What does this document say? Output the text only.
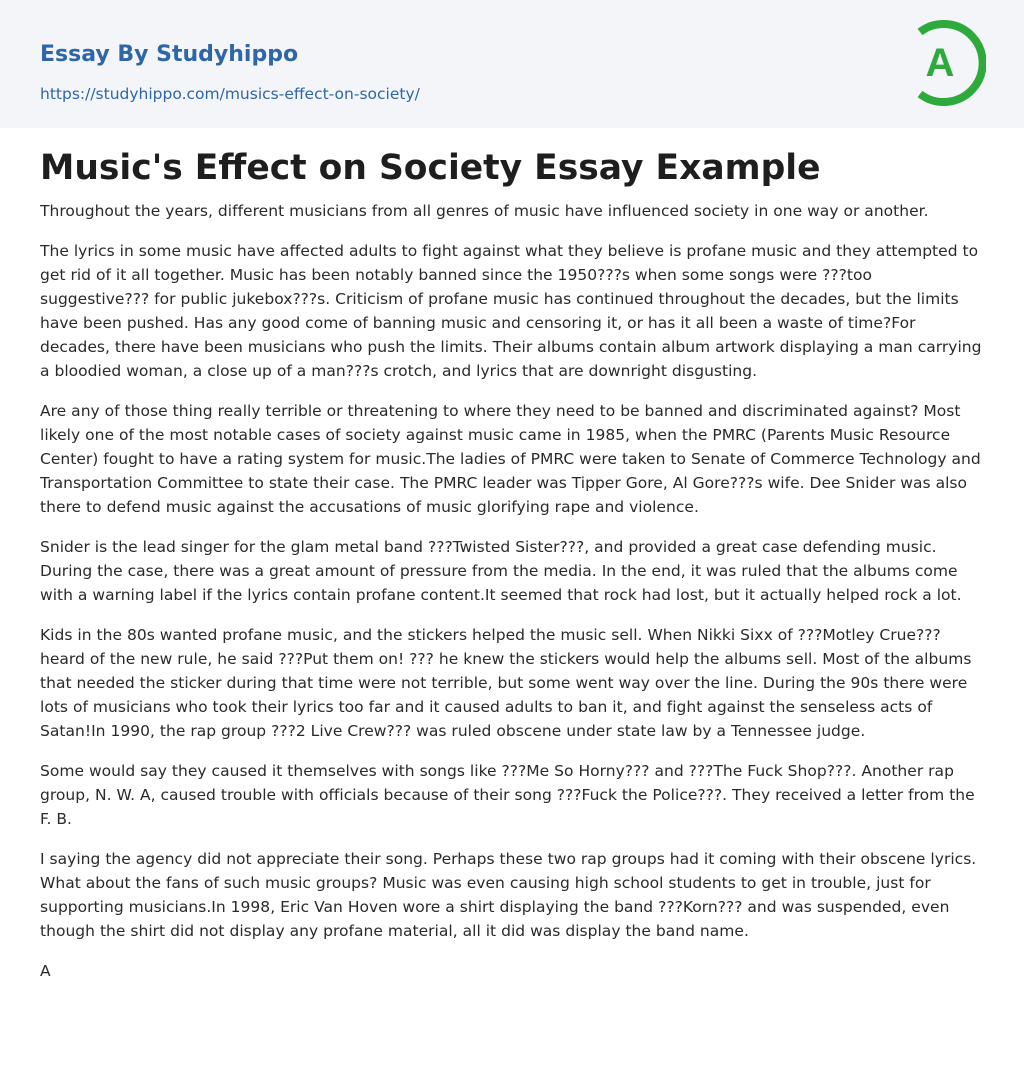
Essay By Studyhippo
https://studyhippo.com/musics-effect-on-society/
A
Music's Effect on Society Essay Example

Throughout the years, different musicians from all genres of music have influenced society in one way or another.

The lyrics in some music have affected adults to fight against what they believe is profane music and they attempted to get rid of it all together. Music has been notably banned since the 1950???s when some songs were ???too suggestive??? for public jukebox???s. Criticism of profane music has continued throughout the decades, but the limits have been pushed. Has any good come of banning music and censoring it, or has it all been a waste of time?For decades, there have been musicians who push the limits. Their albums contain album artwork displaying a man carrying a bloodied woman, a close up of a man???s crotch, and lyrics that are downright disgusting.

Are any of those thing really terrible or threatening to where they need to be banned and discriminated against? Most likely one of the most notable cases of society against music came in 1985, when the PMRC (Parents Music Resource Center) fought to have a rating system for music.The ladies of PMRC were taken to Senate of Commerce Technology and Transportation Committee to state their case. The PMRC leader was Tipper Gore, Al Gore???s wife. Dee Snider was also there to defend music against the accusations of music glorifying rape and violence.

Snider is the lead singer for the glam metal band ???Twisted Sister???, and provided a great case defending music. During the case, there was a great amount of pressure from the media. In the end, it was ruled that the albums come with a warning label if the lyrics contain profane content.It seemed that rock had lost, but it actually helped rock a lot.

Kids in the 80s wanted profane music, and the stickers helped the music sell. When Nikki Sixx of ???Motley Crue??? heard of the new rule, he said ???Put them on! ??? he knew the stickers would help the albums sell. Most of the albums that needed the sticker during that time were not terrible, but some went way over the line. During the 90s there were lots of musicians who took their lyrics too far and it caused adults to ban it, and fight against the senseless acts of Satan!In 1990, the rap group ???2 Live Crew??? was ruled obscene under state law by a Tennessee judge.

Some would say they caused it themselves with songs like ???Me So Horny??? and ???The Fuck Shop???. Another rap group, N. W. A, caused trouble with officials because of their song ???Fuck the Police???. They received a letter from the F. B.

I saying the agency did not appreciate their song. Perhaps these two rap groups had it coming with their obscene lyrics. What about the fans of such music groups? Music was even causing high school students to get in trouble, just for supporting musicians.In 1998, Eric Van Hoven wore a shirt displaying the band ???Korn??? and was suspended, even though the shirt did not display any profane material, all it did was display the band name.

A
